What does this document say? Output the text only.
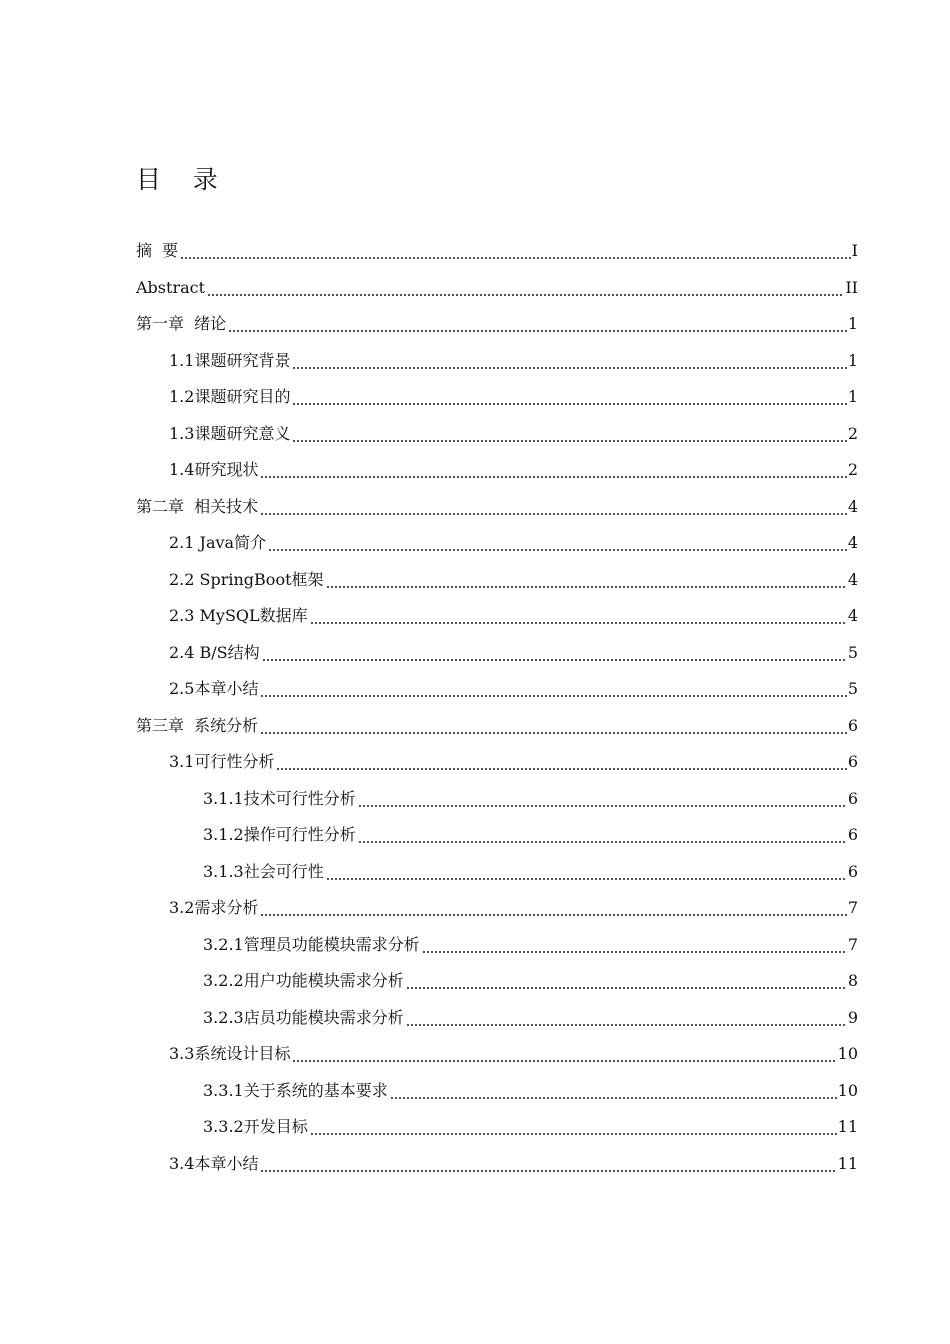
目    录
摘  要	I
Abstract	II
第一章  绪论	1
1.1课题研究背景	1
1.2课题研究目的	1
1.3课题研究意义	2
1.4研究现状	2
第二章  相关技术	4
2.1 Java简介	4
2.2 SpringBoot框架	4
2.3 MySQL数据库	4
2.4 B/S结构	5
2.5本章小结	5
第三章  系统分析	6
3.1可行性分析	6
3.1.1技术可行性分析	6
3.1.2操作可行性分析	6
3.1.3社会可行性	6
3.2需求分析	7
3.2.1管理员功能模块需求分析	7
3.2.2用户功能模块需求分析	8
3.2.3店员功能模块需求分析	9
3.3系统设计目标	10
3.3.1关于系统的基本要求	10
3.3.2开发目标	11
3.4本章小结	11
